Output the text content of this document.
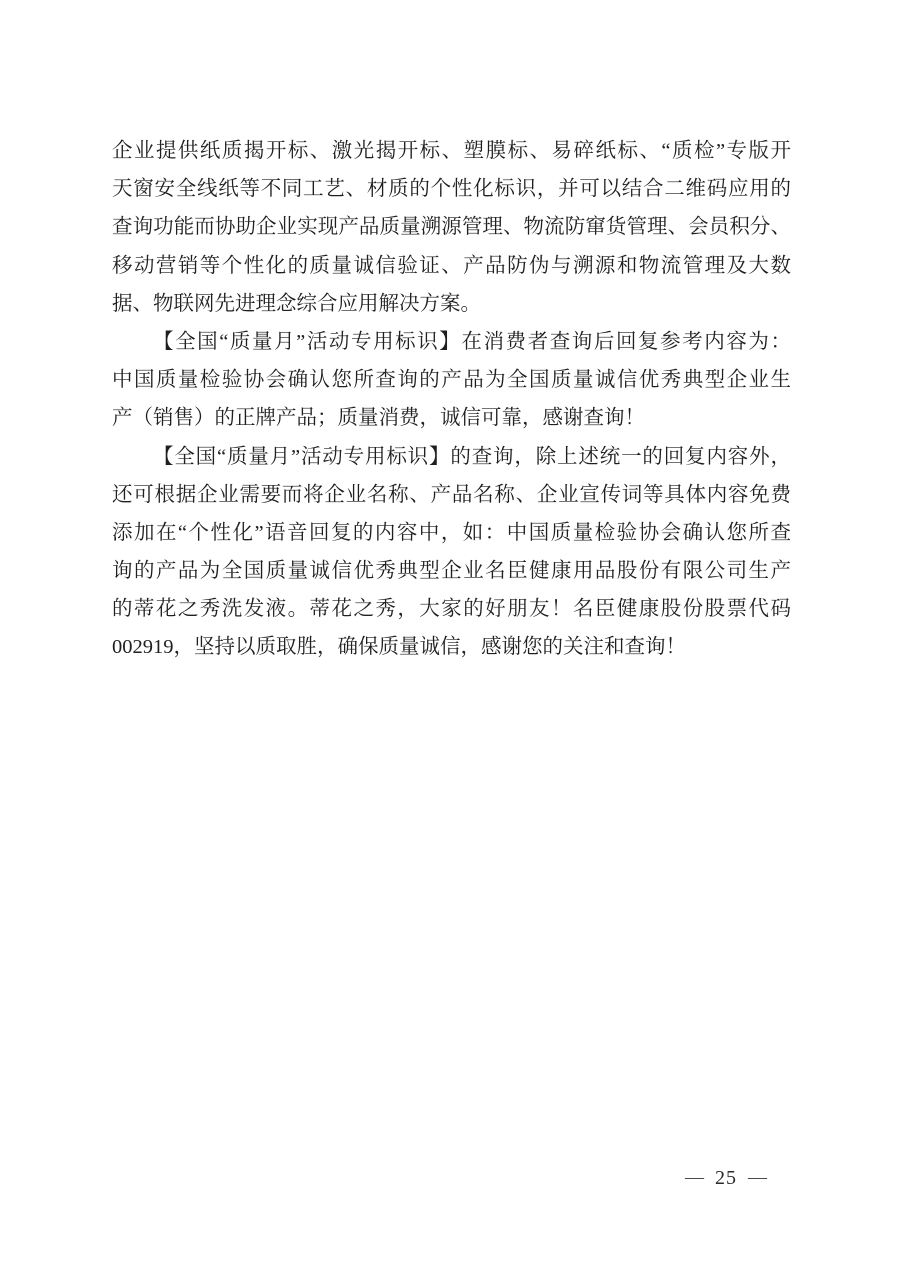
企业提供纸质揭开标、激光揭开标、塑膜标、易碎纸标、“质检”专版开
天窗安全线纸等不同工艺、材质的个性化标识，并可以结合二维码应用的
查询功能而协助企业实现产品质量溯源管理、物流防窜货管理、会员积分、
移动营销等个性化的质量诚信验证、产品防伪与溯源和物流管理及大数
据、物联网先进理念综合应用解决方案。
【全国“质量月”活动专用标识】在消费者查询后回复参考内容为：
中国质量检验协会确认您所查询的产品为全国质量诚信优秀典型企业生
产（销售）的正牌产品；质量消费，诚信可靠，感谢查询！
【全国“质量月”活动专用标识】的查询，除上述统一的回复内容外，
还可根据企业需要而将企业名称、产品名称、企业宣传词等具体内容免费
添加在“个性化”语音回复的内容中，如：中国质量检验协会确认您所查
询的产品为全国质量诚信优秀典型企业名臣健康用品股份有限公司生产
的蒂花之秀洗发液。蒂花之秀，大家的好朋友！名臣健康股份股票代码
002919，坚持以质取胜，确保质量诚信，感谢您的关注和查询！
— 25 —
